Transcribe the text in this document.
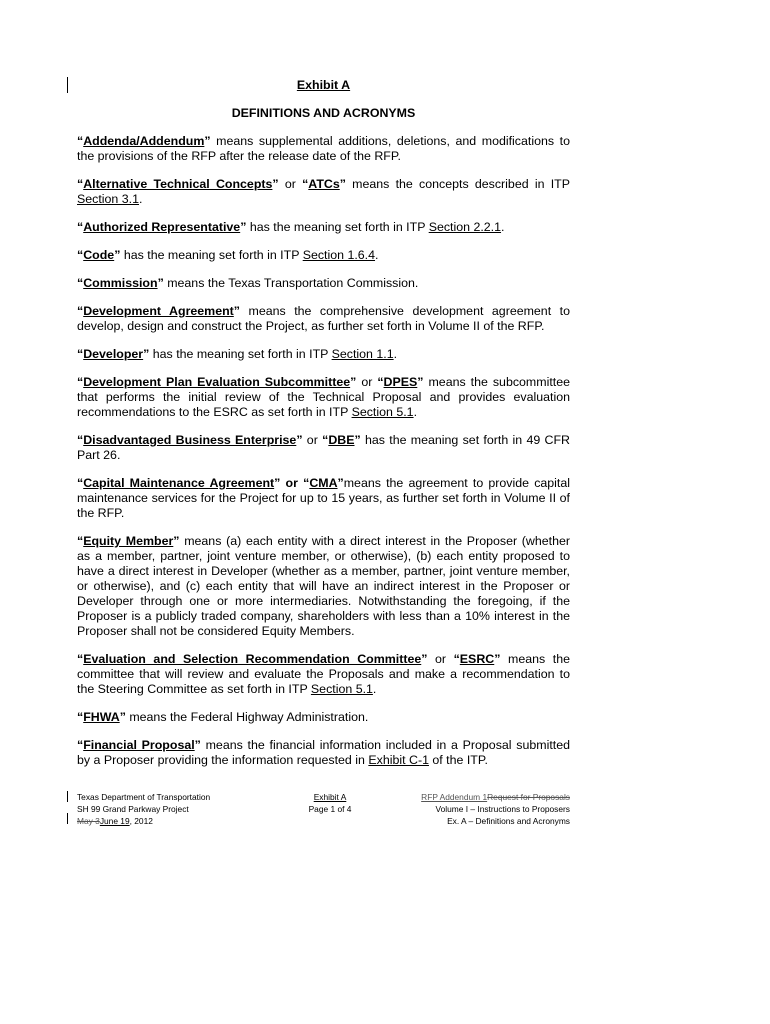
Exhibit A
DEFINITIONS AND ACRONYMS

“Addenda/Addendum” means supplemental additions, deletions, and modifications to the provisions of the RFP after the release date of the RFP.

“Alternative Technical Concepts” or “ATCs” means the concepts described in ITP Section 3.1.

“Authorized Representative” has the meaning set forth in ITP Section 2.2.1.

“Code” has the meaning set forth in ITP Section 1.6.4.

“Commission” means the Texas Transportation Commission.

“Development Agreement” means the comprehensive development agreement to develop, design and construct the Project, as further set forth in Volume II of the RFP.

“Developer” has the meaning set forth in ITP Section 1.1.

“Development Plan Evaluation Subcommittee” or “DPES” means the subcommittee that performs the initial review of the Technical Proposal and provides evaluation recommendations to the ESRC as set forth in ITP Section 5.1.

“Disadvantaged Business Enterprise” or “DBE” has the meaning set forth in 49 CFR Part 26.

“Capital Maintenance Agreement” or “CMA”means the agreement to provide capital maintenance services for the Project for up to 15 years, as further set forth in Volume II of the RFP.

“Equity Member” means (a) each entity with a direct interest in the Proposer (whether as a member, partner, joint venture member, or otherwise), (b) each entity proposed to have a direct interest in Developer (whether as a member, partner, joint venture member, or otherwise), and (c) each entity that will have an indirect interest in the Proposer or Developer through one or more intermediaries. Notwithstanding the foregoing, if the Proposer is a publicly traded company, shareholders with less than a 10% interest in the Proposer shall not be considered Equity Members.

“Evaluation and Selection Recommendation Committee” or “ESRC” means the committee that will review and evaluate the Proposals and make a recommendation to the Steering Committee as set forth in ITP Section 5.1.

“FHWA” means the Federal Highway Administration.

“Financial Proposal” means the financial information included in a Proposal submitted by a Proposer providing the information requested in Exhibit C-1 of the ITP.

Texas Department of Transportation
SH 99 Grand Parkway Project
May 3June 19, 2012
Exhibit A
Page 1 of 4
RFP Addendum 1Request for Proposals
Volume I – Instructions to Proposers
Ex. A – Definitions and Acronyms
